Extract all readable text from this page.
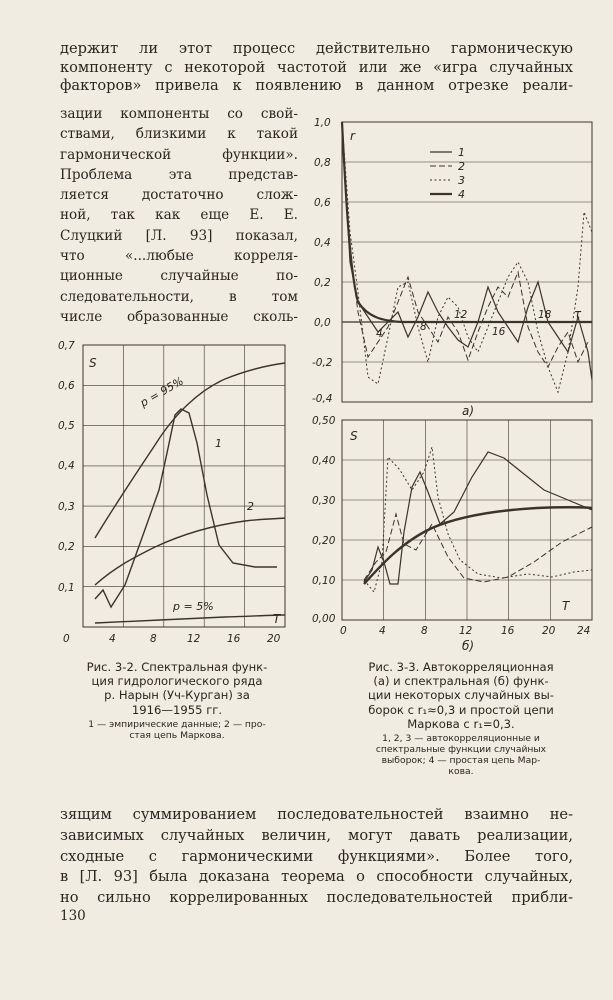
держит ли этот процесс действительно гармоническую
компоненту с некоторой частотой или же «игра случайных
факторов» привела к появлению в данном отрезке реали-
зации компоненты со свой-
ствами, близкими к такой
гармонической функции».
Проблема эта представ-
ляется достаточно слож-
ной, так как еще Е. Е.
Слуцкий [Л. 93] показал,
что «...любые корреля-
ционные случайные по-
следовательности, в том
числе образованные сколь-
0,7
0,6
0,5
0,4
0,3
0,2
0,1
0	4	8	12	16	20
S
T
p = 95%
p = 5%
1
2
Рис. 3-2. Спектральная функ-
ция гидрологического ряда
р. Нарын (Уч-Курган) за
1916—1955 гг.
1 — эмпирические данные; 2 — про-
стая цепь Маркова.
1,0
0,8
0,6
0,4
0,2
0,0
-0,2
-0,4
4
8
12
16
18 τ
r
1
2
3
4
а)
0,50
0,40
0,30
0,20
0,10
0,00
0	4	8	12	16	20 24
S
T
б)
Рис. 3-3. Автокорреляционная
(а) и спектральная (б) функ-
ции некоторых случайных вы-
борок с r₁≈0,3 и простой цепи
Маркова с r₁=0,3.
1, 2, 3 — автокорреляционные и
спектральные функции случайных
выборок; 4 — простая цепь Мар-
кова.
зящим суммированием последовательностей взаимно не-
зависимых случайных величин, могут давать реализации,
сходные с гармоническими функциями». Более того,
в [Л. 93] была доказана теорема о способности случайных,
но сильно коррелированных последовательностей прибли-
130
